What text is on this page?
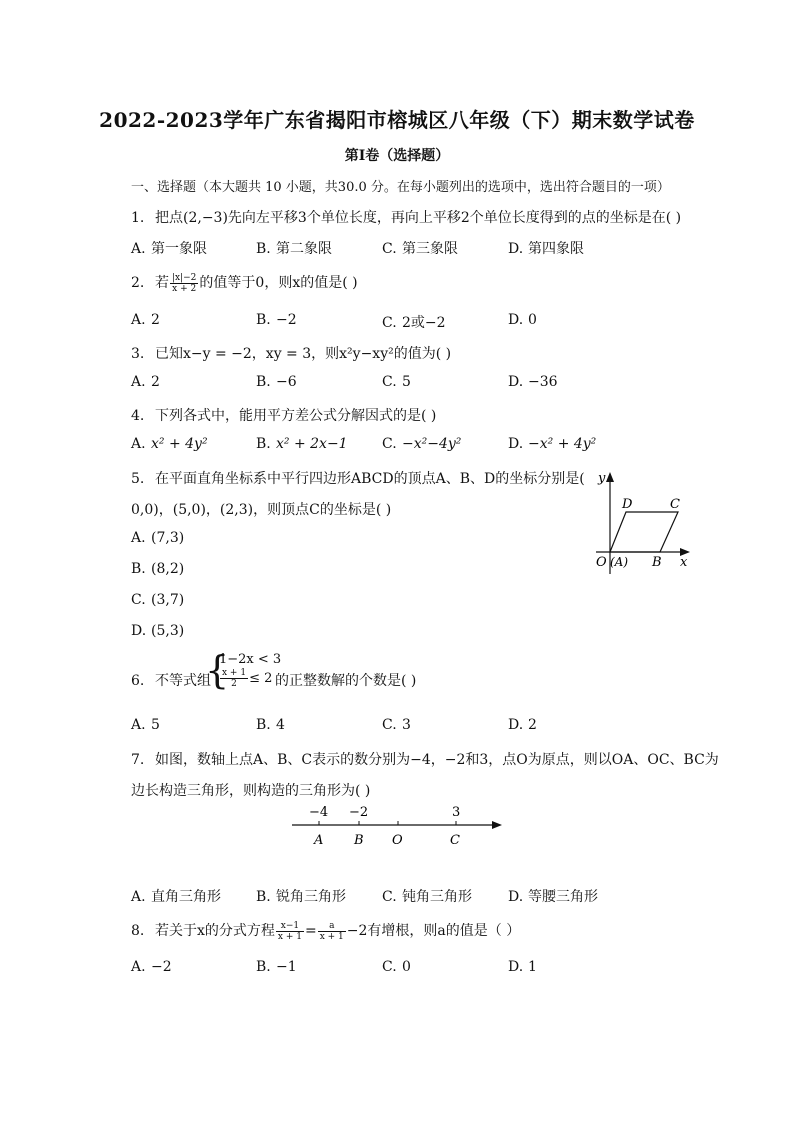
2022-2023学年广东省揭阳市榕城区八年级（下）期末数学试卷
第I卷（选择题）
一、选择题（本大题共 10 小题，共30.0 分。在每小题列出的选项中，选出符合题目的一项）
1. 把点(2,−3)先向左平移3个单位长度，再向上平移2个单位长度得到的点的坐标是在( )
A. 第一象限	B. 第二象限	C. 第三象限	D. 第四象限
2. 若 $\frac{|x|-2}{x + 2}$ 的值等于0，则x的值是( )
A. 2	B. −2	C. 2或−2	D. 0
3. 已知x−y = −2，xy = 3，则x²y−xy²的值为( )
A. 2	B. −6	C. 5	D. −36
4. 下列各式中，能用平方差公式分解因式的是( )
A. x² + 4y²	B. x² + 2x−1 C. −x²−4y²	D. −x² + 4y²
5. 在平面直角坐标系中平行四边形ABCD的顶点A、B、D的坐标分别是(
0,0)，(5,0)，(2,3)，则顶点C的坐标是( )
A. (7,3)
B. (8,2)
C. (3,7)
D. (5,3)
y
D	C
O (A) B x
6. 不等式组
{
1−2x < 3
$\frac{x + 1}{2} \le 2$ 的正整数解的个数是( )
A. 5	B. 4	C. 3	D. 2
7. 如图，数轴上点A、B、C表示的数分别为−4，−2和3，点O为原点，则以OA、OC、BC为
边长构造三角形，则构造的三角形为( )
−4 −2	3
A B O	C
A. 直角三角形	B. 锐角三角形	C. 钝角三角形	D. 等腰三角形
8. 若关于x的分式方程 $\frac{x-1}{x + 1} = \frac{a}{x + 1} -2$有增根，则a的值是（ ）
A. −2	B. −1	C. 0	D. 1
